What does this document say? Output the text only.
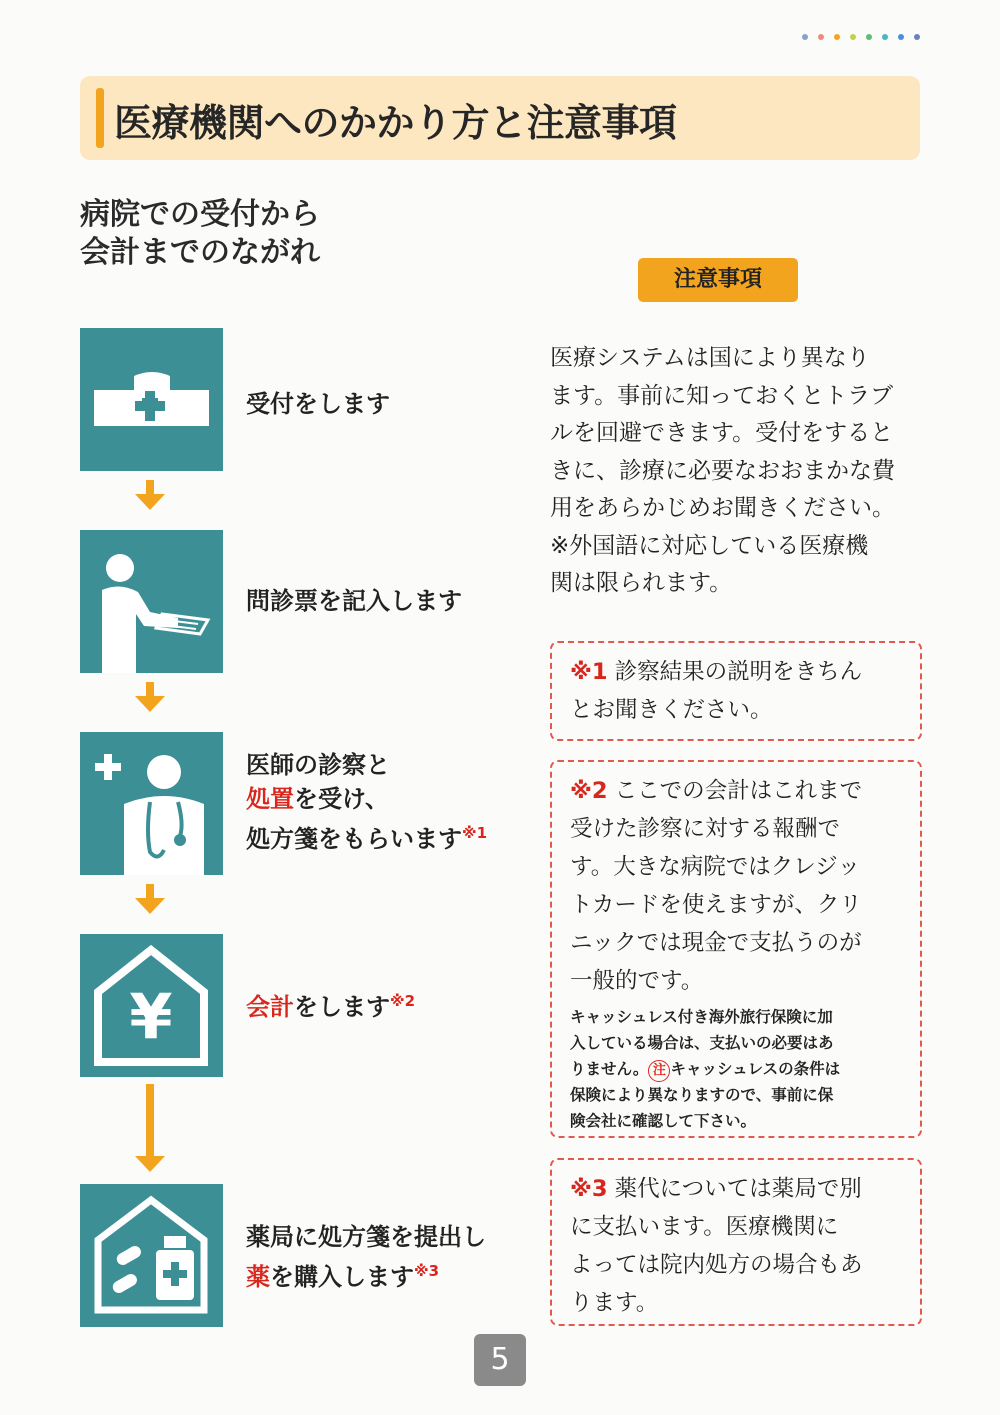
医療機関へのかかり方と注意事項
病院での受付から
会計までのながれ
注意事項
受付をします
問診票を記入します
医師の診察と
処置を受け、
処方箋をもらいます$^{※1}$
¥	会計をします$^{※2}$
薬局に処方箋を提出し
薬を購入します$^{※3}$
医療システムは国により異なり
ます。事前に知っておくとトラブ
ルを回避できます。受付をすると
きに、診療に必要なおおまかな費
用をあらかじめお聞きください。
※外国語に対応している医療機
関は限られます。
※1 診察結果の説明をきちん
とお聞きください。
※2 ここでの会計はこれまで
受けた診察に対する報酬で
す。大きな病院ではクレジッ
トカードを使えますが、クリ
ニックでは現金で支払うのが
一般的です。
キャッシュレス付き海外旅行保険に加
入している場合は、支払いの必要はあ
りません。 注 キャッシュレスの条件は
保険により異なりますので、事前に保
険会社に確認して下さい。
※3 薬代については薬局で別
に支払います。医療機関に
よっては院内処方の場合もあ
ります。
5
